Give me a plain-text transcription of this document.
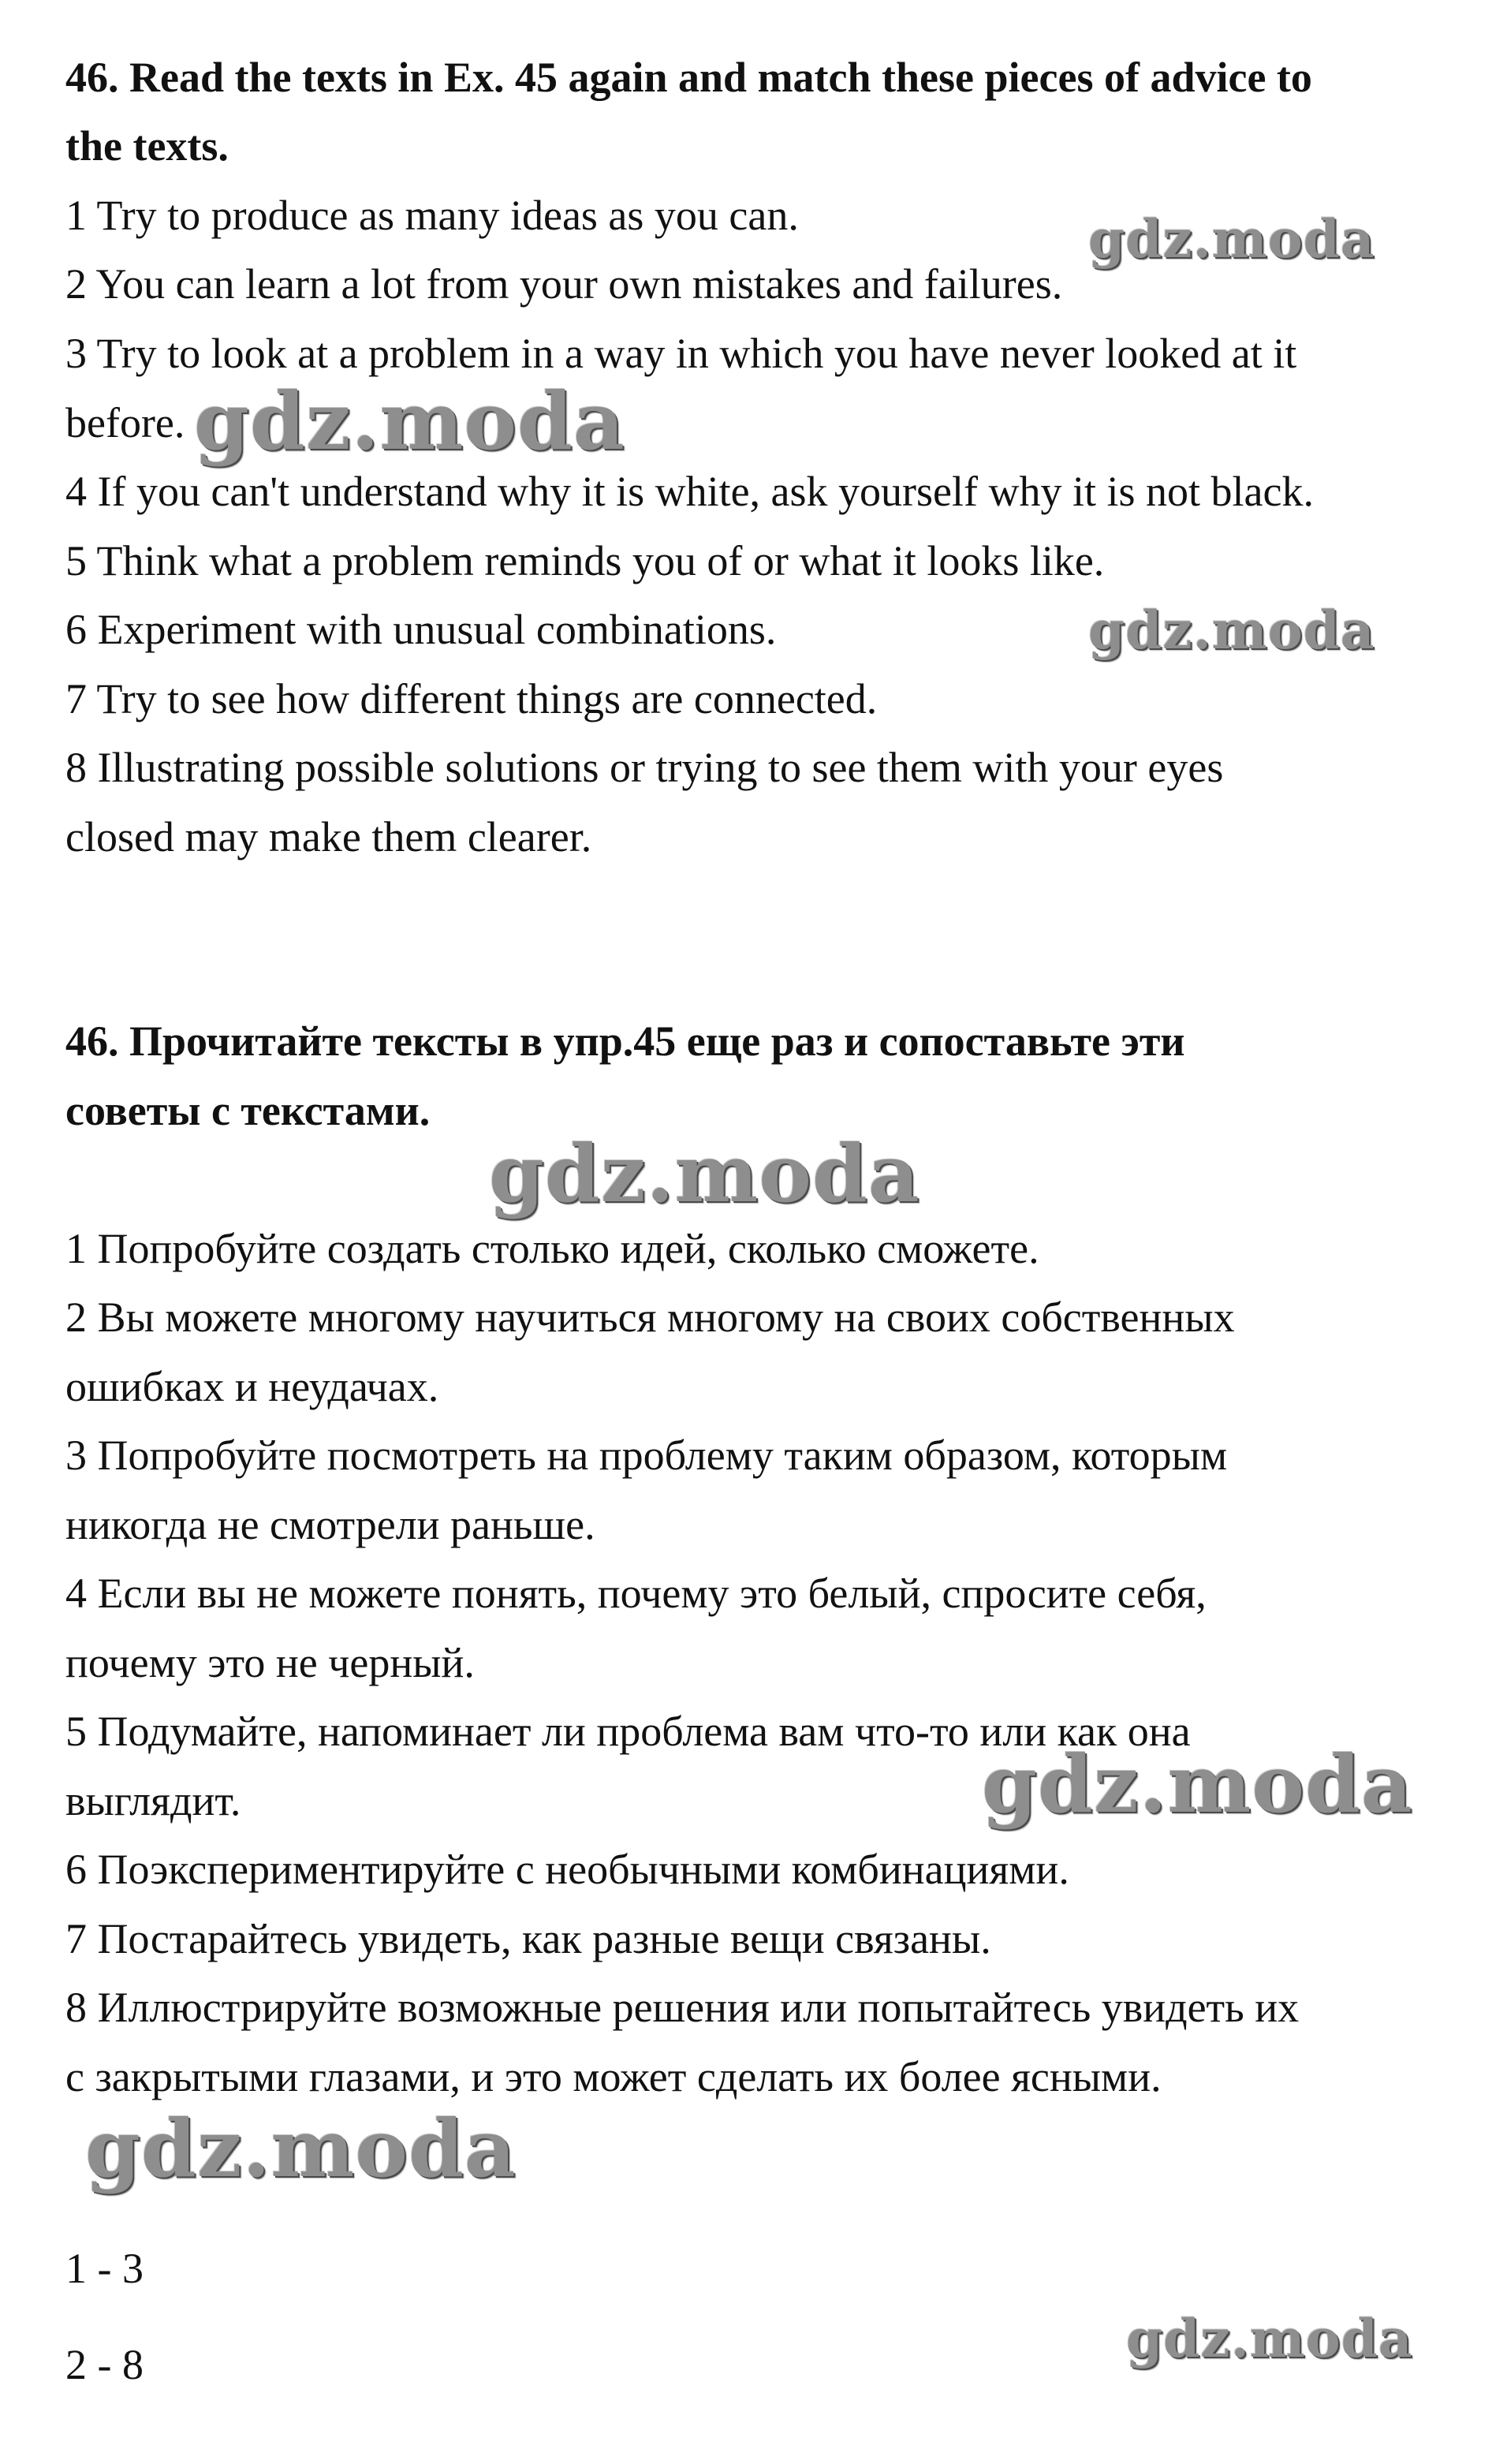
46. Read the texts in Ex. 45 again and match these pieces of advice to
the texts.
1 Try to produce as many ideas as you can.
2 You can learn a lot from your own mistakes and failures.
3 Try to look at a problem in a way in which you have never looked at it
before.
4 If you can't understand why it is white, ask yourself why it is not black.
5 Think what a problem reminds you of or what it looks like.
6 Experiment with unusual combinations.
7 Try to see how different things are connected.
8 Illustrating possible solutions or trying to see them with your eyes
closed may make them clearer.
46. Прочитайте тексты в упр.45 еще раз и сопоставьте эти
советы с текстами.
1 Попробуйте создать столько идей, сколько сможете.
2 Вы можете многому научиться многому на своих собственных
ошибках и неудачах.
3 Попробуйте посмотреть на проблему таким образом, которым
никогда не смотрели раньше.
4 Если вы не можете понять, почему это белый, спросите себя,
почему это не черный.
5 Подумайте, напоминает ли проблема вам что-то или как она
выглядит.
6 Поэкспериментируйте с необычными комбинациями.
7 Постарайтесь увидеть, как разные вещи связаны.
8 Иллюстрируйте возможные решения или попытайтесь увидеть их
с закрытыми глазами, и это может сделать их более ясными.
1 - 3
2 - 8
gdz.moda
gdz.moda
gdz.moda
gdz.moda
gdz.moda
gdz.moda
gdz.moda
